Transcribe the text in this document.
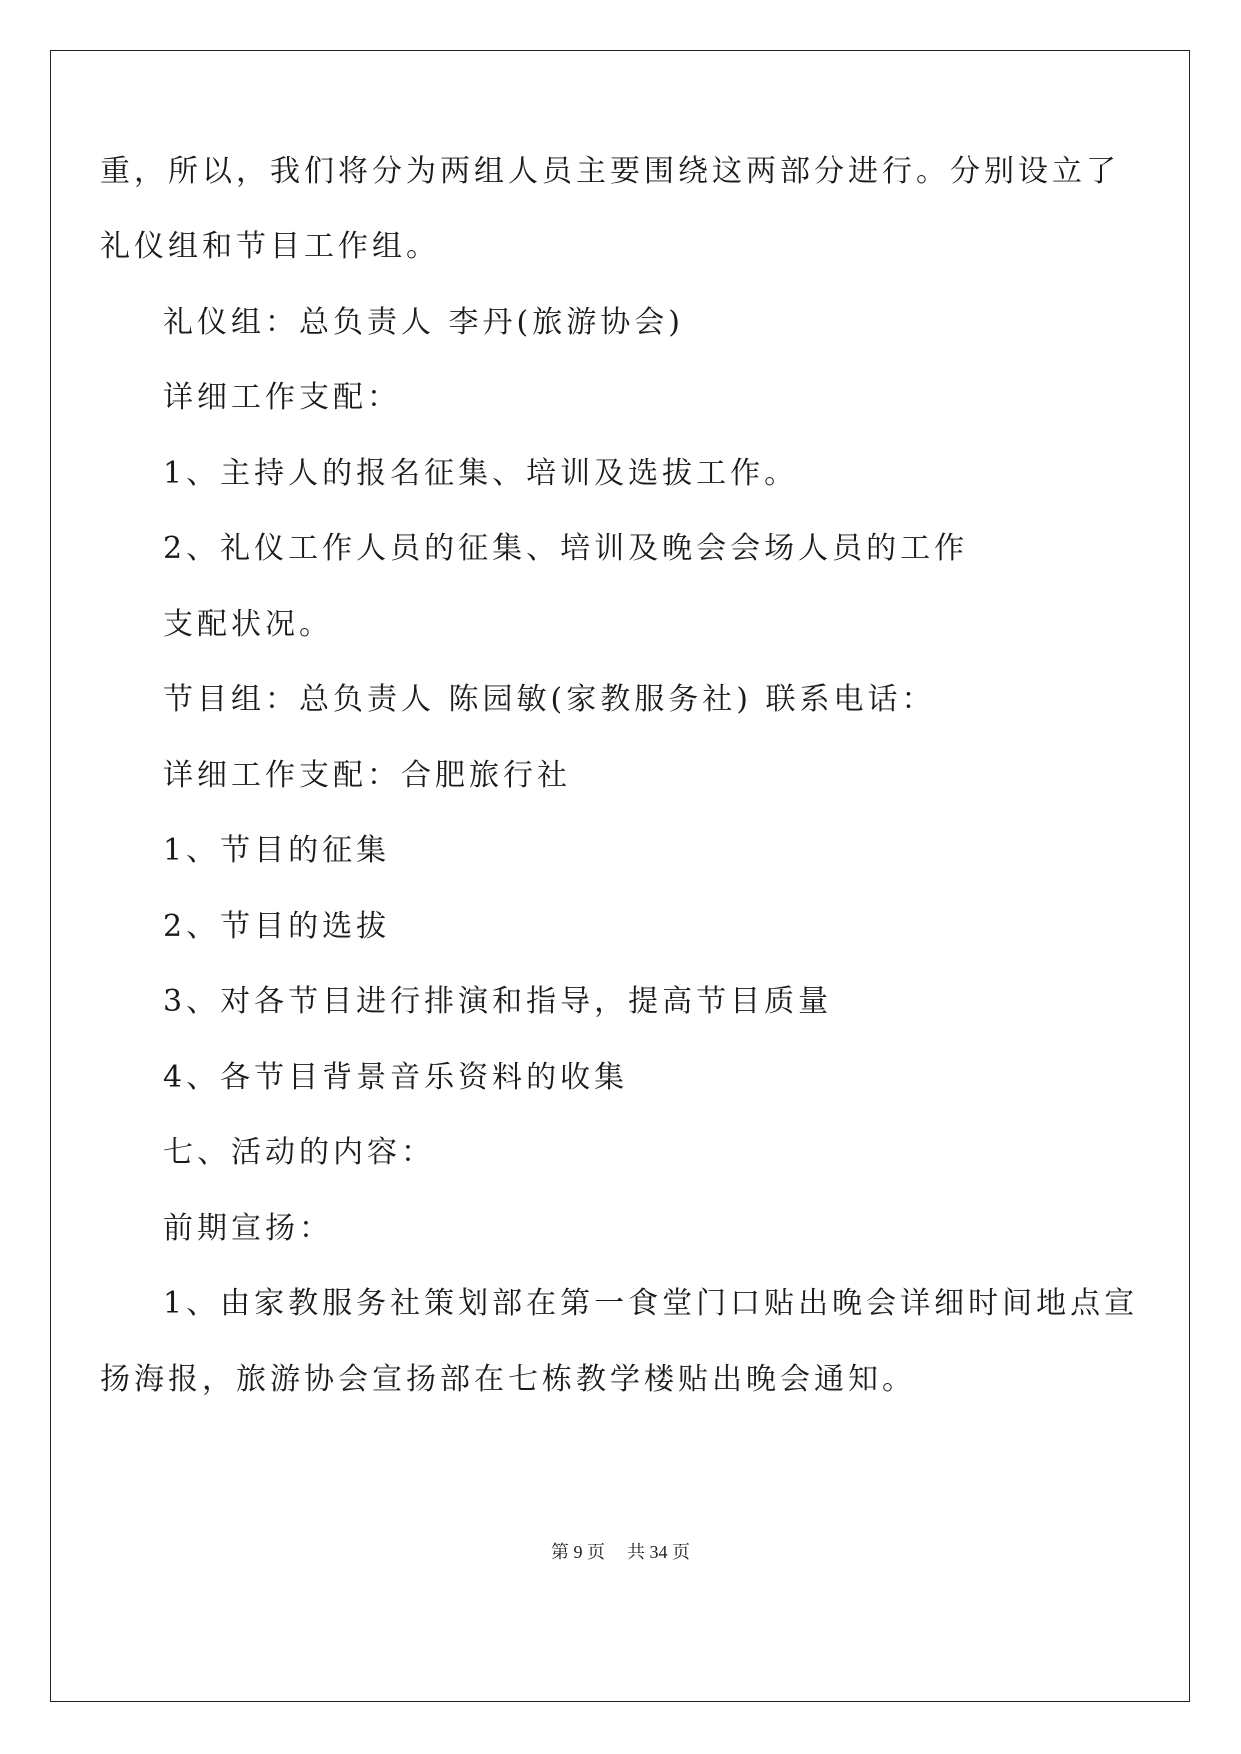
重，所以，我们将分为两组人员主要围绕这两部分进行。分别设立了
礼仪组和节目工作组。
礼仪组：总负责人 李丹(旅游协会)
详细工作支配：
1、主持人的报名征集、培训及选拔工作。
2、礼仪工作人员的征集、培训及晚会会场人员的工作
支配状况。
节目组：总负责人 陈园敏(家教服务社) 联系电话：
详细工作支配：合肥旅行社
1、节目的征集
2、节目的选拔
3、对各节目进行排演和指导，提高节目质量
4、各节目背景音乐资料的收集
七、活动的内容：
前期宣扬：
1、由家教服务社策划部在第一食堂门口贴出晚会详细时间地点宣
扬海报，旅游协会宣扬部在七栋教学楼贴出晚会通知。
第 9 页 共 34 页
